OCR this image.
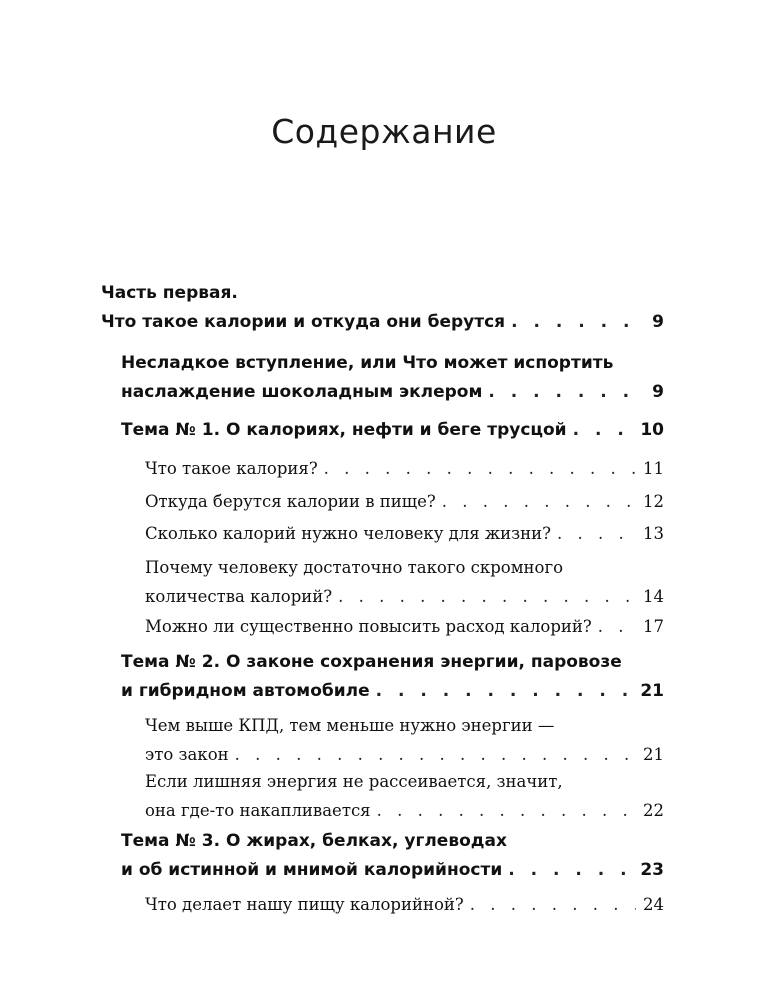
Содержание
Часть первая.
Что такое калории и откуда они берутся . . .	9
Несладкое вступление, или Что может испортить
наслаждение шоколадным эклером . . .	9
Тема № 1. О калориях, нефти и беге трусцой . . .	10
Что такое калория? . . .	11
Откуда берутся калории в пище? . . .	12
Сколько калорий нужно человеку для жизни? . . .	13
Почему человеку достаточно такого скромного
количества калорий? . . .	14
Можно ли существенно повысить расход калорий? . . .	17
Тема № 2. О законе сохранения энергии, паровозе
и гибридном автомобиле . . .	21
Чем выше КПД, тем меньше нужно энергии —
это закон . . .	21
Если лишняя энергия не рассеивается, значит,
она где-то накапливается . . .	22
Тема № 3. О жирах, белках, углеводах
и об истинной и мнимой калорийности . . .	23
Что делает нашу пищу калорийной? . . .	24
